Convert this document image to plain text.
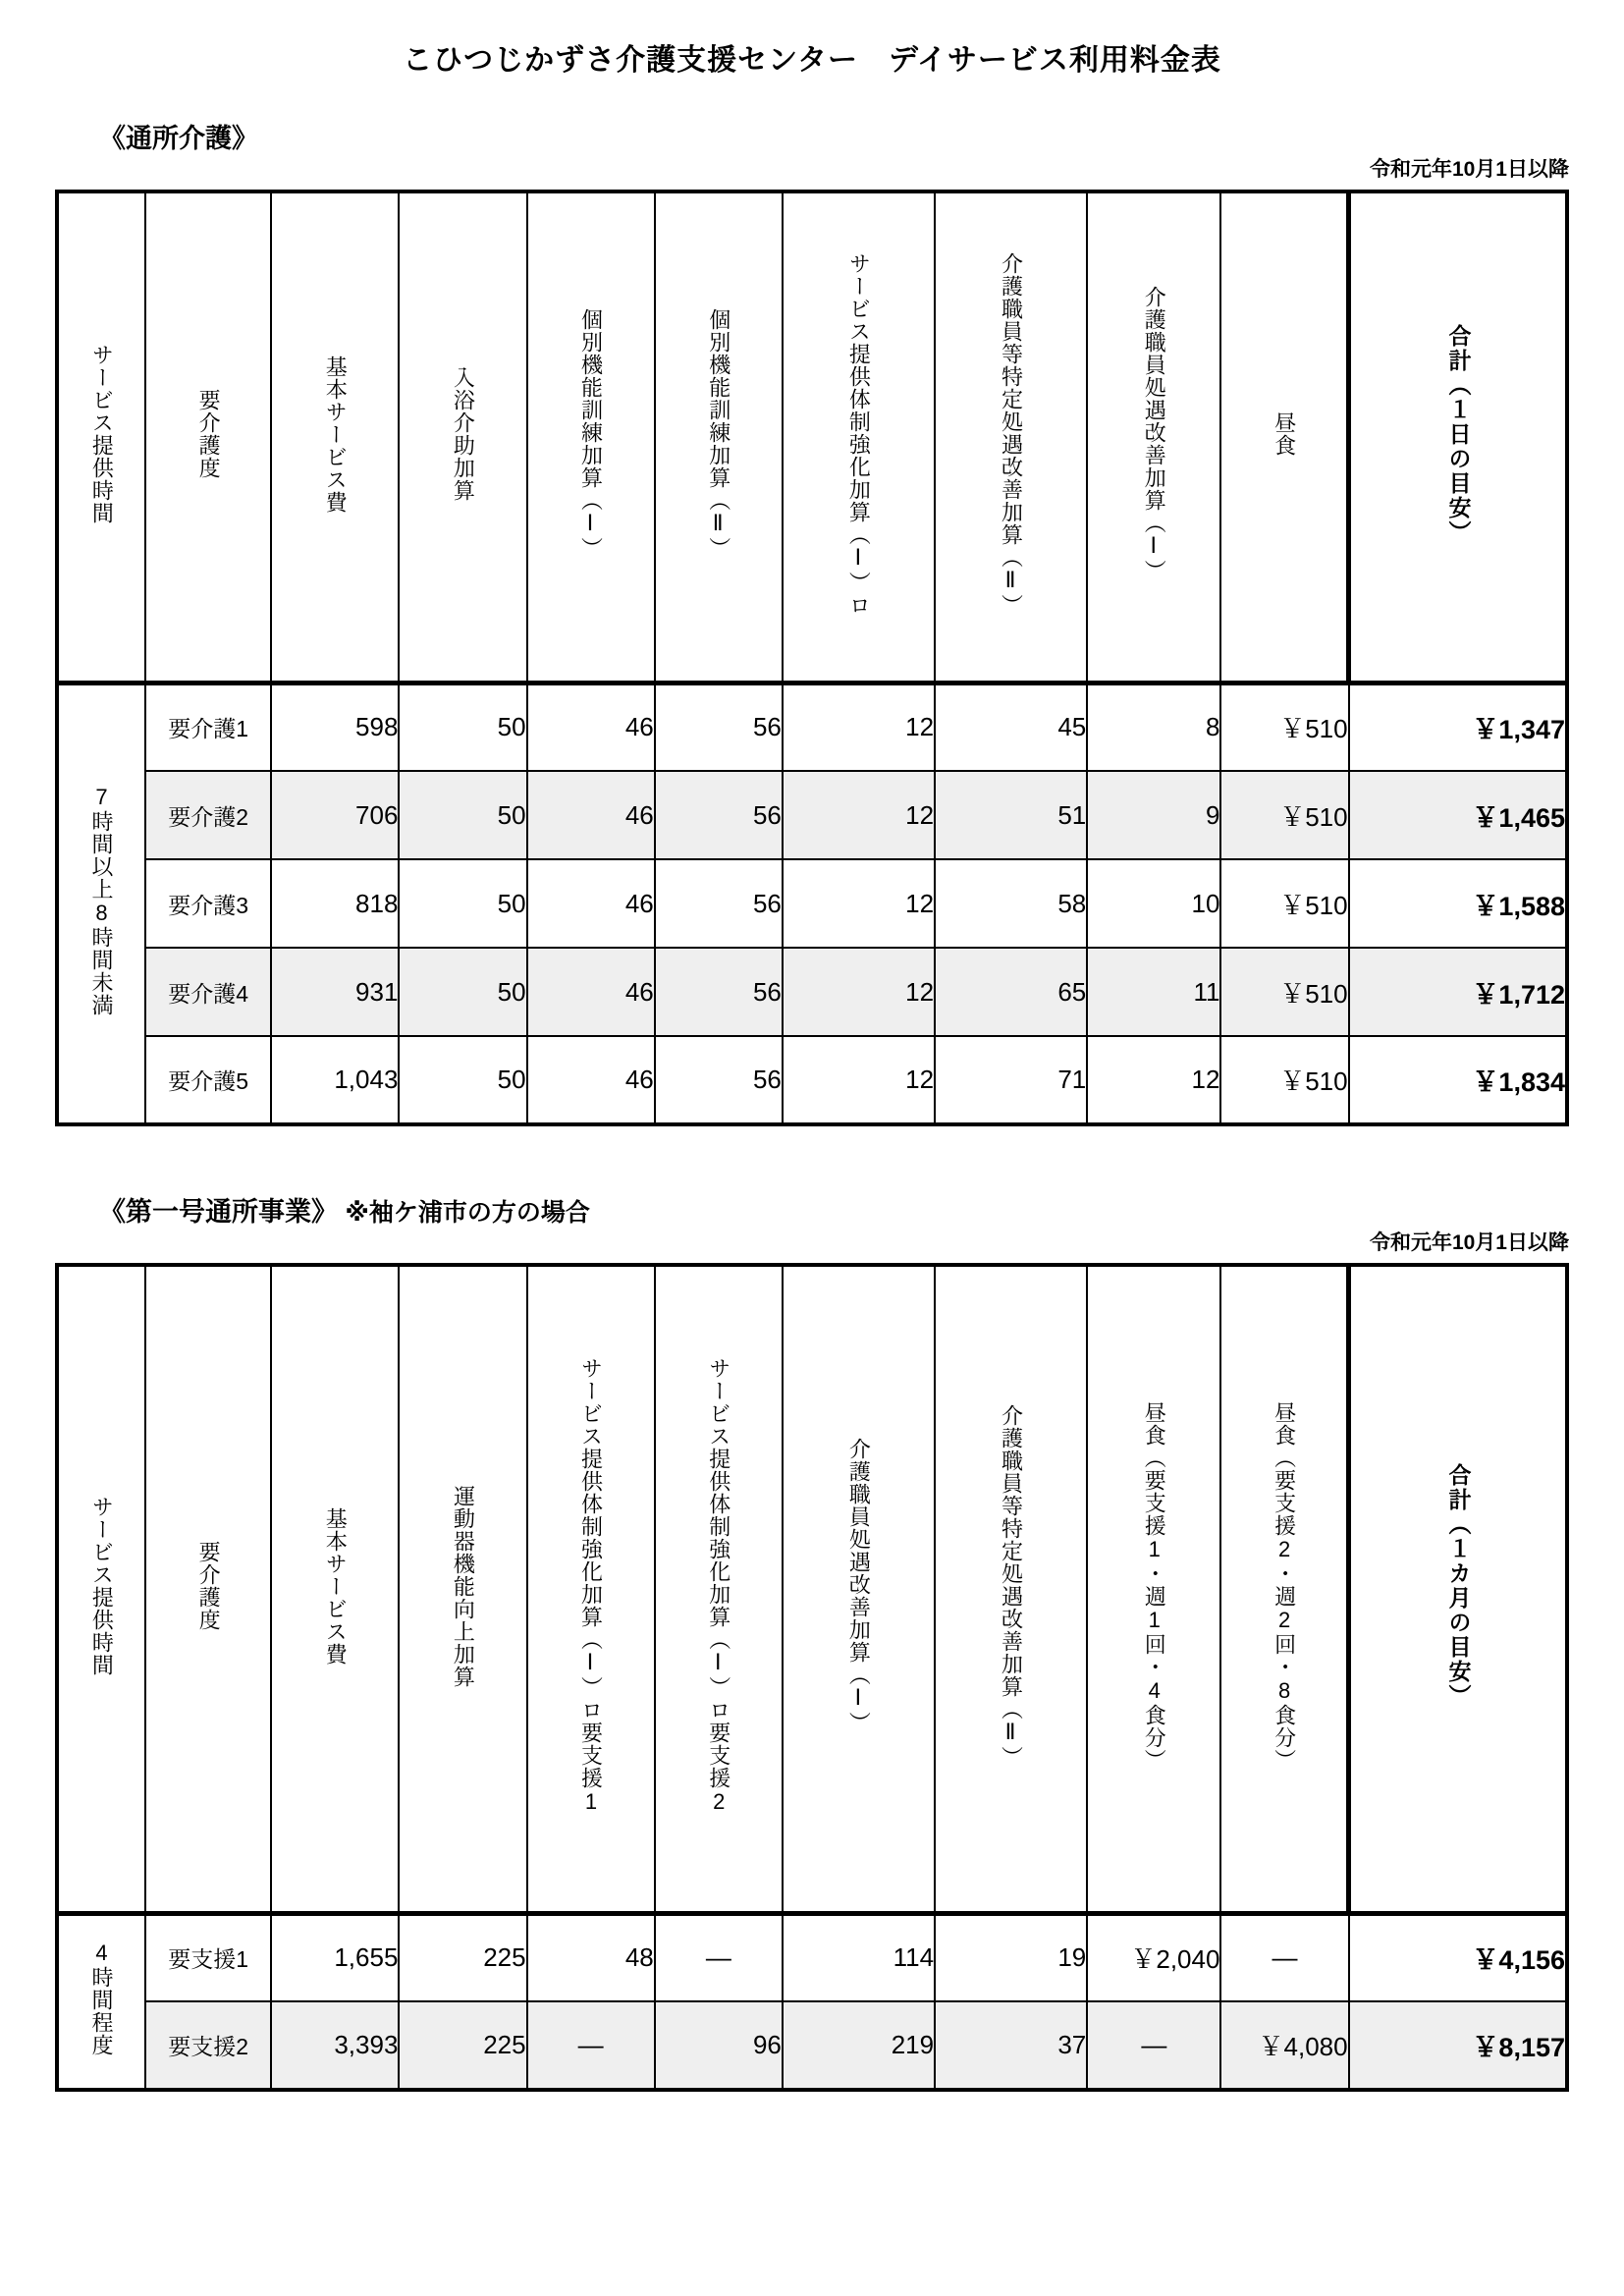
こひつじかずさ介護支援センター　デイサービス利用料金表

《通所介護》

令和元年10月1日以降
サービス提供時間	要介護度	基本サービス費	入浴介助加算	個別機能訓練加算（Ⅰ）	個別機能訓練加算（Ⅱ）	サービス提供体制強化加算（Ⅰ）ロ	介護職員等特定処遇改善加算（Ⅱ）	介護職員処遇改善加算（Ⅰ）	昼食	合計（１日の目安）
7時間以上8時間未満	要介護1	598	50	46	56	12	45	8	￥510	￥1,347
	要介護2	706	50	46	56	12	51	9	￥510	￥1,465
	要介護3	818	50	46	56	12	58	10	￥510	￥1,588
	要介護4	931	50	46	56	12	65	11	￥510	￥1,712
	要介護5	1,043	50	46	56	12	71	12	￥510	￥1,834

《第一号通所事業》 ※袖ケ浦市の方の場合

令和元年10月1日以降
サービス提供時間	要介護度	基本サービス費	運動器機能向上加算	サービス提供体制強化加算（Ⅰ）ロ要支援1	サービス提供体制強化加算（Ⅰ）ロ要支援2	介護職員処遇改善加算（Ⅰ）	介護職員等特定処遇改善加算（Ⅱ）	昼食（要支援1・週1回・4食分）	昼食（要支援2・週2回・8食分）	合計（１カ月の目安）
4時間程度	要支援1	1,655	225	48	—	114	19	￥2,040	—	￥4,156
	要支援2	3,393	225	—	96	219	37	—	￥4,080	￥8,157
